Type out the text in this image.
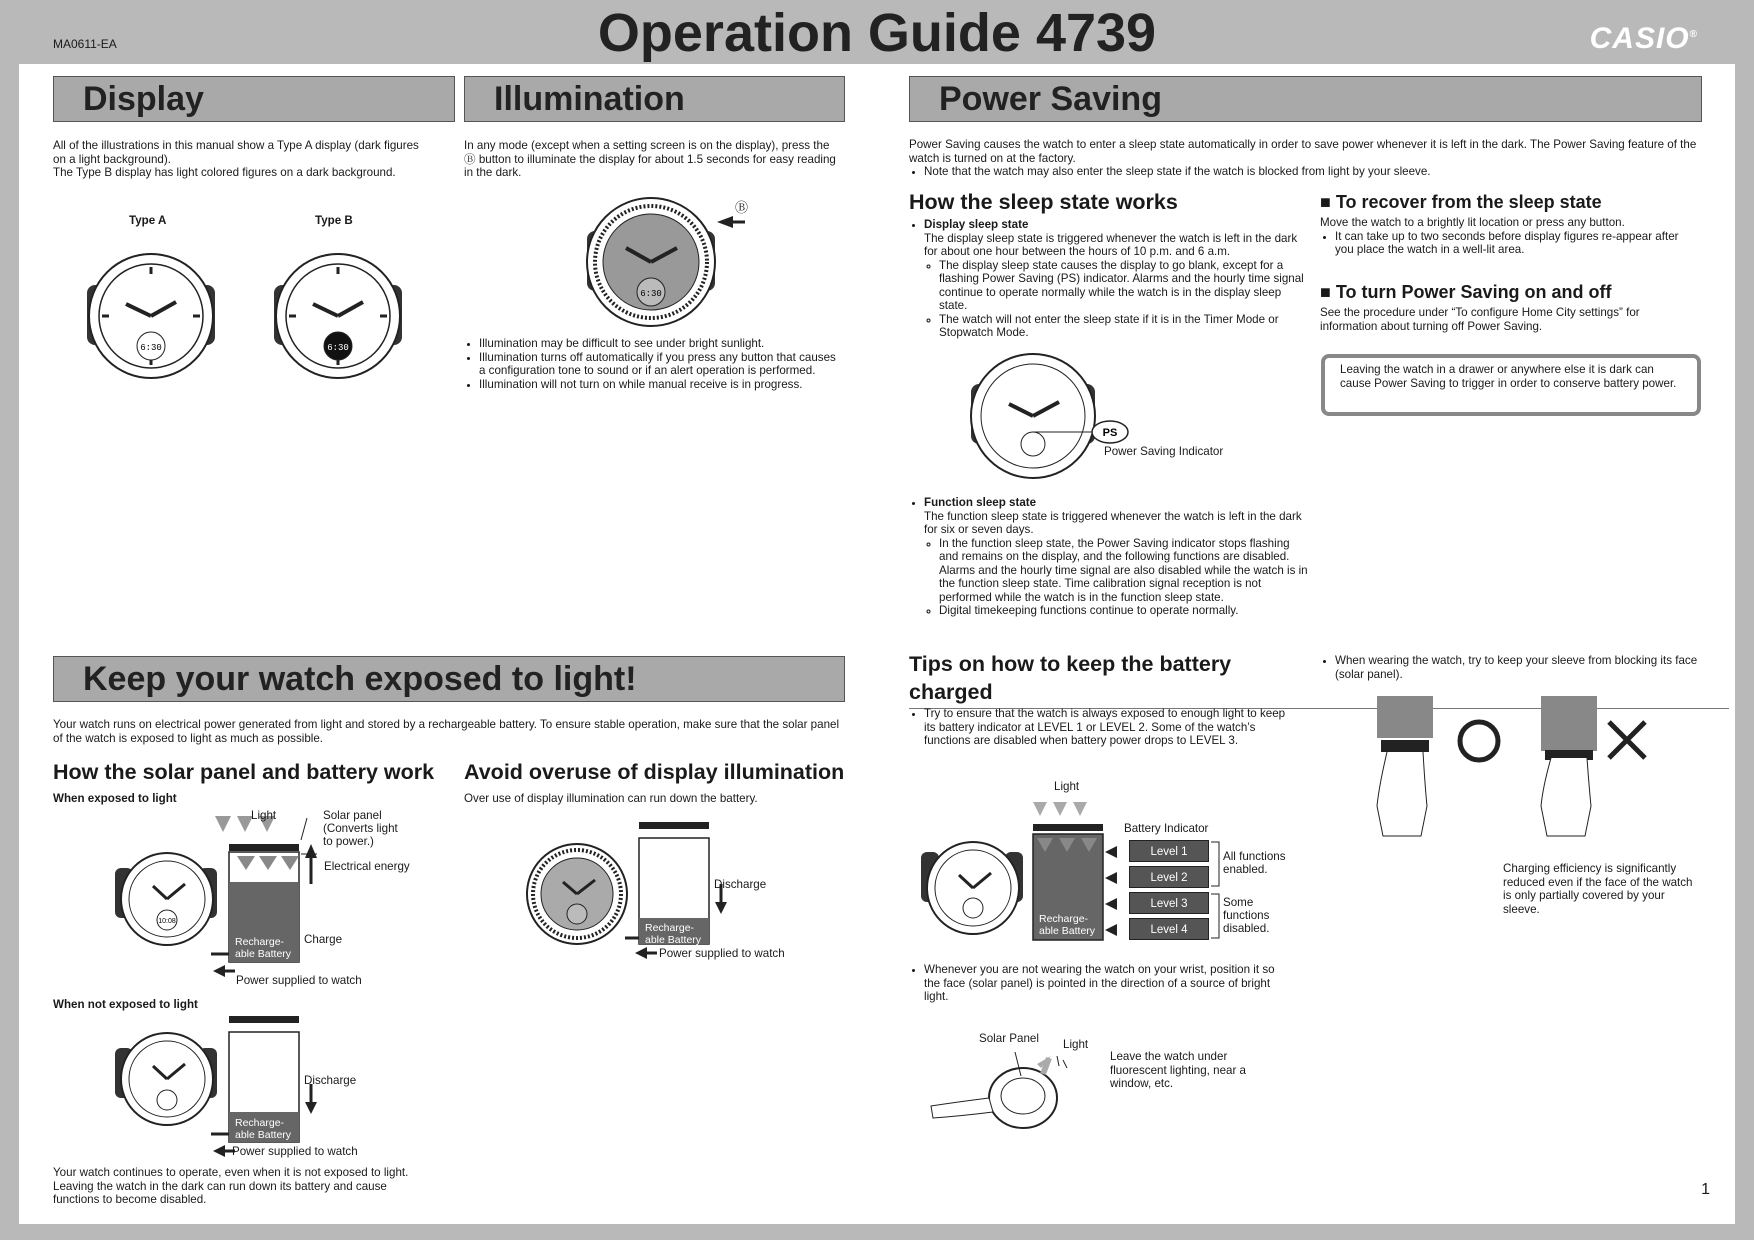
MA0611-EA	Operation Guide 4739	CASIO®
Display

All of the illustrations in this manual show a Type A display (dark figures on a light background).

The Type B display has light colored figures on a dark background.

Type A	Type B
6:30	6:30
Illumination
In any mode (except when a setting screen is on the display), press the Ⓑ button to illuminate the display for about 1.5 seconds for easy reading in the dark.
6:30
Ⓑ
• Illumination may be difficult to see under bright sunlight.
• Illumination turns off automatically if you press any button that causes a configuration tone to sound or if an alert operation is performed.
• Illumination will not turn on while manual receive is in progress.
Power Saving

Power Saving causes the watch to enter a sleep state automatically in order to save power whenever it is left in the dark. The Power Saving feature of the watch is turned on at the factory.

• Note that the watch may also enter the sleep state if the watch is blocked from light by your sleeve.
How the sleep state works
• Display sleep state
The display sleep state is triggered whenever the watch is left in the dark for about one hour between the hours of 10 p.m. and 6 a.m.
◦ The display sleep state causes the display to go blank, except for a flashing Power Saving (PS) indicator. Alarms and the hourly time signal continue to operate normally while the watch is in the display sleep state.
◦ The watch will not enter the sleep state if it is in the Timer Mode or Stopwatch Mode.
PS
Power Saving Indicator
• Function sleep state
The function sleep state is triggered whenever the watch is left in the dark for six or seven days.
◦ In the function sleep state, the Power Saving indicator stops flashing and remains on the display, and the following functions are disabled. Alarms and the hourly time signal are also disabled while the watch is in the function sleep state. Time calibration signal reception is not performed while the watch is in the function sleep state.
◦ Digital timekeeping functions continue to operate normally.
■ To recover from the sleep state

Move the watch to a brightly lit location or press any button.

• It can take up to two seconds before display figures re-appear after you place the watch in a well-lit area.
■ To turn Power Saving on and off
See the procedure under “To configure Home City settings” for information about turning off Power Saving.
Leaving the watch in a drawer or anywhere else it is dark can cause Power Saving to trigger in order to conserve battery power.
Keep your watch exposed to light!
Your watch runs on electrical power generated from light and stored by a rechargeable battery. To ensure stable operation, make sure that the solar panel of the watch is exposed to light as much as possible.
How the solar panel and battery work
When exposed to light
Recharge-
able Battery
10:08
Light	Solar panel
(Converts light
to power.)
Electrical energy
Charge
Power supplied to watch
When not exposed to light
Recharge-
able Battery
Discharge
Power supplied to watch
Your watch continues to operate, even when it is not exposed to light. Leaving the watch in the dark can run down its battery and cause functions to become disabled.
Avoid overuse of display illumination
Over use of display illumination can run down the battery.
Recharge-
able Battery
Discharge
Power supplied to watch
Tips on how to keep the battery charged
• Try to ensure that the watch is always exposed to enough light to keep its battery indicator at LEVEL 1 or LEVEL 2. Some of the watch’s functions are disabled when battery power drops to LEVEL 3.
Light
Recharge-
able Battery
Battery Indicator
Level 1
Level 2
Level 3
Level 4
All functions
enabled.
Some
functions
disabled.
• Whenever you are not wearing the watch on your wrist, position it so the face (solar panel) is pointed in the direction of a source of bright light.
Solar Panel Light
Leave the watch under fluorescent lighting, near a window, etc.
• When wearing the watch, try to keep your sleeve from blocking its face (solar panel).
Charging efficiency is significantly reduced even if the face of the watch is only partially covered by your sleeve.
1
